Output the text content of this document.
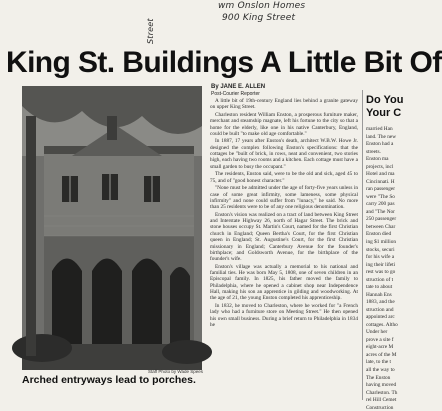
wm Onslon Homes
900 King Street
Street
King St. Buildings A Little Bit Of
Staff Photo by Wade Spees
Arched entryways lead to porches.
By JANE E. ALLEN
Post-Courier Reporter

A little bit of 19th-century England lies behind a granite gateway on upper King Street.

Charleston resident William Enston, a prosperous furniture maker, merchant and steamship magnate, left his fortune to the city so that a home for the elderly, like one in his native Canterbury, England, could be built "to make old age comfortable."

In 1887, 17 years after Enston's death, architect W.B.W. Howe Jr. designed the complex following Enston's specifications: that the cottages be "built of brick, in rows, neat and convenient, two stories high, each having two rooms and a kitchen. Each cottage must have a small garden to busy the occupant."

The residents, Enston said, were to be the old and sick, aged 45 to 75, and of "good honest character."

"None must be admitted under the age of forty-five years unless in case of some great infirmity, some lameness, some physical infirmity" and none could suffer from "lunacy," he said. No more than 25 residents were to be of any one religious denomination.

Enston's vision was realized on a tract of land between King Street and Interstate Highway 26, north of Hagar Street. The brick and stone houses occupy St. Martin's Court, named for the first Christian church in England; Queen Bertha's Court, for the first Christian queen in England; St. Augustine's Court, for the first Christian missionary in England; Canterbury Avenue for the founder's birthplace; and Goldsworth Avenue, for the birthplace of the founder's wife.

Enston's village was actually a memorial to his national and familial ties. He was born May 5, 1808, one of seven children in an Episcopal family. In 1825, his father moved the family to Philadelphia, where he opened a cabinet shop near Independence Hall, making his son an apprentice in gilding and woodworking. At the age of 21, the young Enston completed his apprenticeship.

In 1832, he moved to Charleston, where he worked for "a French lady who had a furniture store on Meeting Street." He then opened his own small business. During a brief return to Philadelphia in 1834 he

Do You
Your C

married Han

land. The new

Enston had a

streets.

Enston ma

projects, incl

Hotel and ma

Cincinnati. H

ran passenger

were "The So

carry 200 pas

and "The Nor

250 passenger

between Char

Enston died

ing $1 million

stocks, securi

for his wife a

ing their lifeti

rest was to go

struction of t

tate to about

Hannah Ens

1883, and the

struction and

appointed arc

cottages. Altho

Under her

prove a site f

eight-acre M

acres of the M

late, to the t

all the way to

The Enston

having moved

Charleston. Th

rel Hill Cemet

Construction
